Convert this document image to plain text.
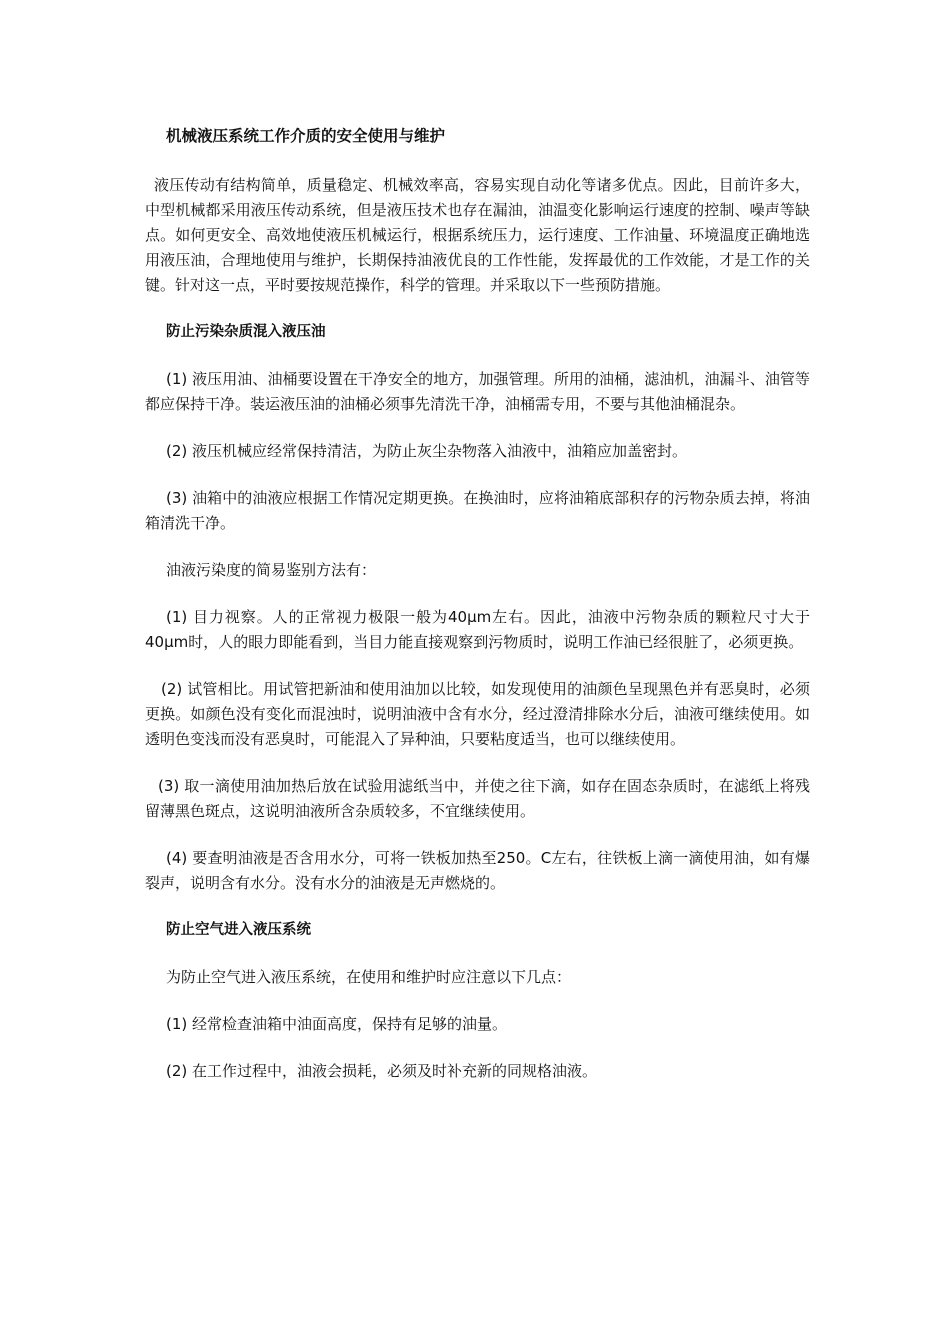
机械液压系统工作介质的安全使用与维护

液压传动有结构简单，质量稳定、机械效率高，容易实现自动化等诸多优点。因此，目前许多大，中型机械都采用液压传动系统，但是液压技术也存在漏油，油温变化影响运行速度的控制、噪声等缺点。如何更安全、高效地使液压机械运行，根据系统压力，运行速度、工作油量、环境温度正确地选用液压油，合理地使用与维护，长期保持油液优良的工作性能，发挥最优的工作效能，才是工作的关键。针对这一点，平时要按规范操作，科学的管理。并采取以下一些预防措施。

防止污染杂质混入液压油

(1) 液压用油、油桶要设置在干净安全的地方，加强管理。所用的油桶，滤油机，油漏斗、油管等都应保持干净。装运液压油的油桶必须事先清洗干净，油桶需专用，不要与其他油桶混杂。

(2) 液压机械应经常保持清洁，为防止灰尘杂物落入油液中，油箱应加盖密封。

(3) 油箱中的油液应根据工作情况定期更换。在换油时，应将油箱底部积存的污物杂质去掉，将油箱清洗干净。

油液污染度的简易鉴别方法有：

(1) 目力视察。人的正常视力极限一般为40μm左右。因此，油液中污物杂质的颗粒尺寸大于40μm时，人的眼力即能看到，当目力能直接观察到污物质时，说明工作油已经很脏了，必须更换。

(2) 试管相比。用试管把新油和使用油加以比较，如发现使用的油颜色呈现黑色并有恶臭时，必须更换。如颜色没有变化而混浊时，说明油液中含有水分，经过澄清排除水分后，油液可继续使用。如透明色变浅而没有恶臭时，可能混入了异种油，只要粘度适当，也可以继续使用。

(3) 取一滴使用油加热后放在试验用滤纸当中，并使之往下滴，如存在固态杂质时，在滤纸上将残留薄黑色斑点，这说明油液所含杂质较多，不宜继续使用。

(4) 要查明油液是否含用水分，可将一铁板加热至250。C左右，往铁板上滴一滴使用油，如有爆裂声，说明含有水分。没有水分的油液是无声燃烧的。

防止空气进入液压系统

为防止空气进入液压系统，在使用和维护时应注意以下几点：

(1) 经常检查油箱中油面高度，保持有足够的油量。

(2) 在工作过程中，油液会损耗，必须及时补充新的同规格油液。
